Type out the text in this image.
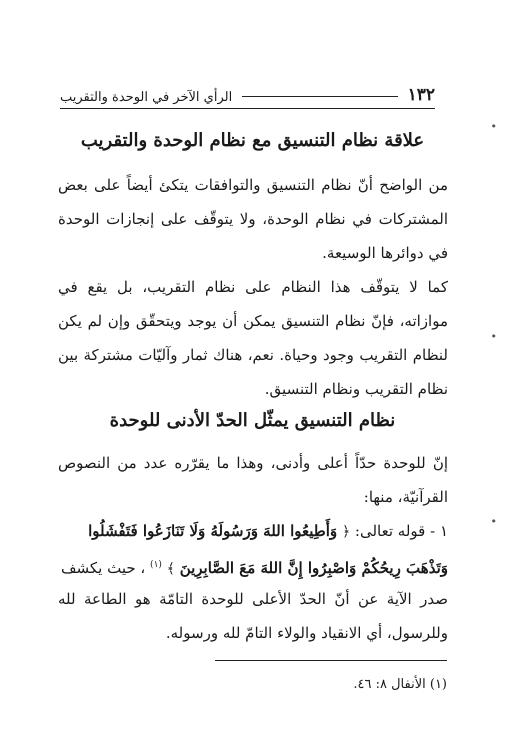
١٣٢
الرأي الآخر في الوحدة والتقريب
علاقة نظام التنسيق مع نظام الوحدة والتقريب

من الواضح أنّ نظام التنسيق والتوافقات يتكئ أيضاً على بعض المشتركات في نظام الوحدة، ولا يتوقّف على إنجازات الوحدة في دوائرها الوسيعة.

كما لا يتوقّف هذا النظام على نظام التقريب، بل يقع في موازاته، فإنّ نظام التنسيق يمكن أن يوجد ويتحقّق وإن لم يكن لنظام التقريب وجود وحياة. نعم، هناك ثمار وآليّات مشتركة بين نظام التقريب ونظام التنسيق.

نظام التنسيق يمثّل الحدّ الأدنى للوحدة

إنّ للوحدة حدّاً أعلى وأدنى، وهذا ما يقرّره عدد من النصوص القرآنيّة، منها:

١ - قوله تعالى: ﴿ وَأَطِيعُوا اللهَ وَرَسُولَهُ وَلَا تَنَازَعُوا فَتَفْشَلُوا
وَتَذْهَبَ رِيحُكُمْ وَاصْبِرُوا إِنَّ اللهَ مَعَ الصَّابِرِينَ ﴾ $^{(١)}$ ، حيث يكشف

صدر الآية عن أنّ الحدّ الأعلى للوحدة التامّة هو الطاعة لله وللرسول، أي الانقياد والولاء التامّ لله ورسوله.

(١) الأنفال ٨: ٤٦.
•
•
•
